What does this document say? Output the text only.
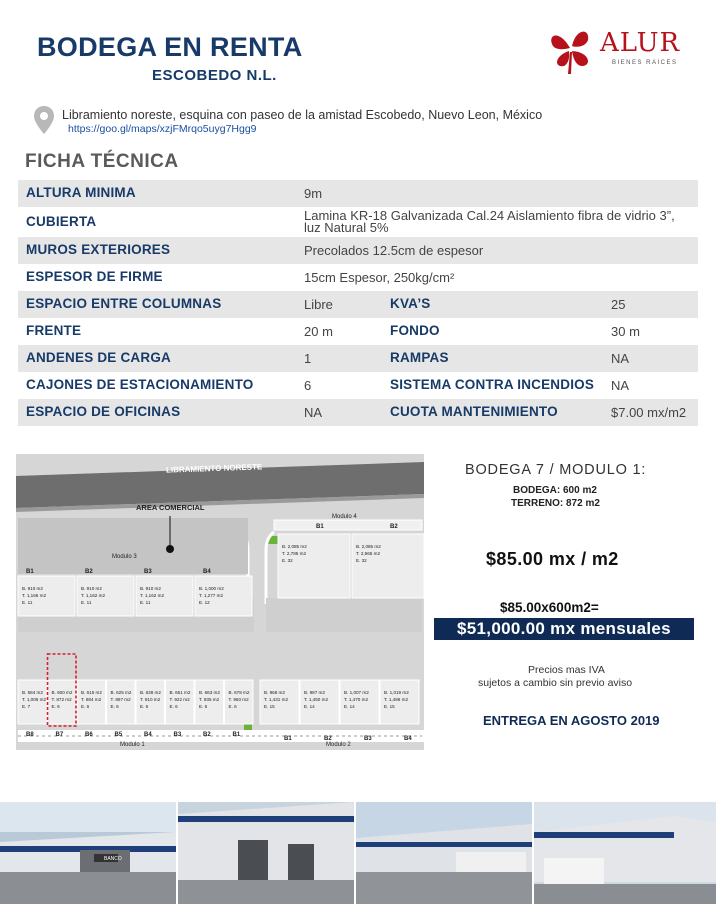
BODEGA EN RENTA
ESCOBEDO N.L.
ALUR
BIENES RAICES
Libramiento noreste, esquina con paseo de la amistad Escobedo, Nuevo Leon, México
https://goo.gl/maps/xzjFMrqo5uyg7Hgg9
FICHA TÉCNICA
ALTURA MINIMA	9m
CUBIERTA	Lamina KR-18 Galvanizada Cal.24 Aislamiento fibra de vidrio 3”, luz Natural 5%
MUROS EXTERIORES	Precolados 12.5cm de espesor
ESPESOR DE FIRME	15cm Espesor, 250kg/cm²
ESPACIO ENTRE COLUMNAS	Libre	KVA’S	25
FRENTE	20 m	FONDO	30 m
ANDENES DE CARGA	1	RAMPAS	NA
CAJONES DE ESTACIONAMIENTO	6	SISTEMA CONTRA INCENDIOS NA
ESPACIO DE OFICINAS	NA	CUOTA MANTENIMIENTO	$7.00 mx/m2
B1
B. 910 m2
T. 1,166 m2
E. 11
B2
B. 910 m2
T. 1,162 m2
E. 11
B3
B. 910 m2
T. 1,162 m2
E. 11
B4
B. 1,000 m2
T. 1,277 m2
E. 12
B1
B. 2,085 m2
T. 2,785 m2
E. 32
B2
B. 2,085 m2
T. 2,965 m2
E. 32
B. 584 m2
T. 1,006 m2
E. 7
B8
B. 600 m2
T. 872 m2
E. 6
B7
B. 615 m2
T. 884 m2
E. 6
B6
B. 625 m2
T. 897 m2
E. 6
B5
B. 638 m2
T. 910 m2
E. 6
B4
B. 651 m2
T. 922 m2
E. 6
B3
B. 663 m2
T. 935 m2
E. 6
B2
B. 678 m2
T. 950 m2
E. 6
B1
B. 968 m2
T. 1,431 m2
E. 15
B1
B. 987 m2
T. 1,450 m2
E. 14
B2
B. 1,007 m2
T. 1,470 m2
E. 14
B3
B. 1,019 m2
T. 1,486 m2
E. 15
B4
LIBRAMIENTO NORESTE
AREA COMERCIAL
Modulo 3
Modulo 4
Modulo 1	Modulo 2
BODEGA 7 / MODULO 1:
BODEGA: 600 m2
TERRENO: 872 m2
$85.00 mx / m2
$85.00x600m2=
$51,000.00 mx mensuales
Precios mas IVA
sujetos a cambio sin previo aviso
ENTREGA EN AGOSTO 2019
BANCO
